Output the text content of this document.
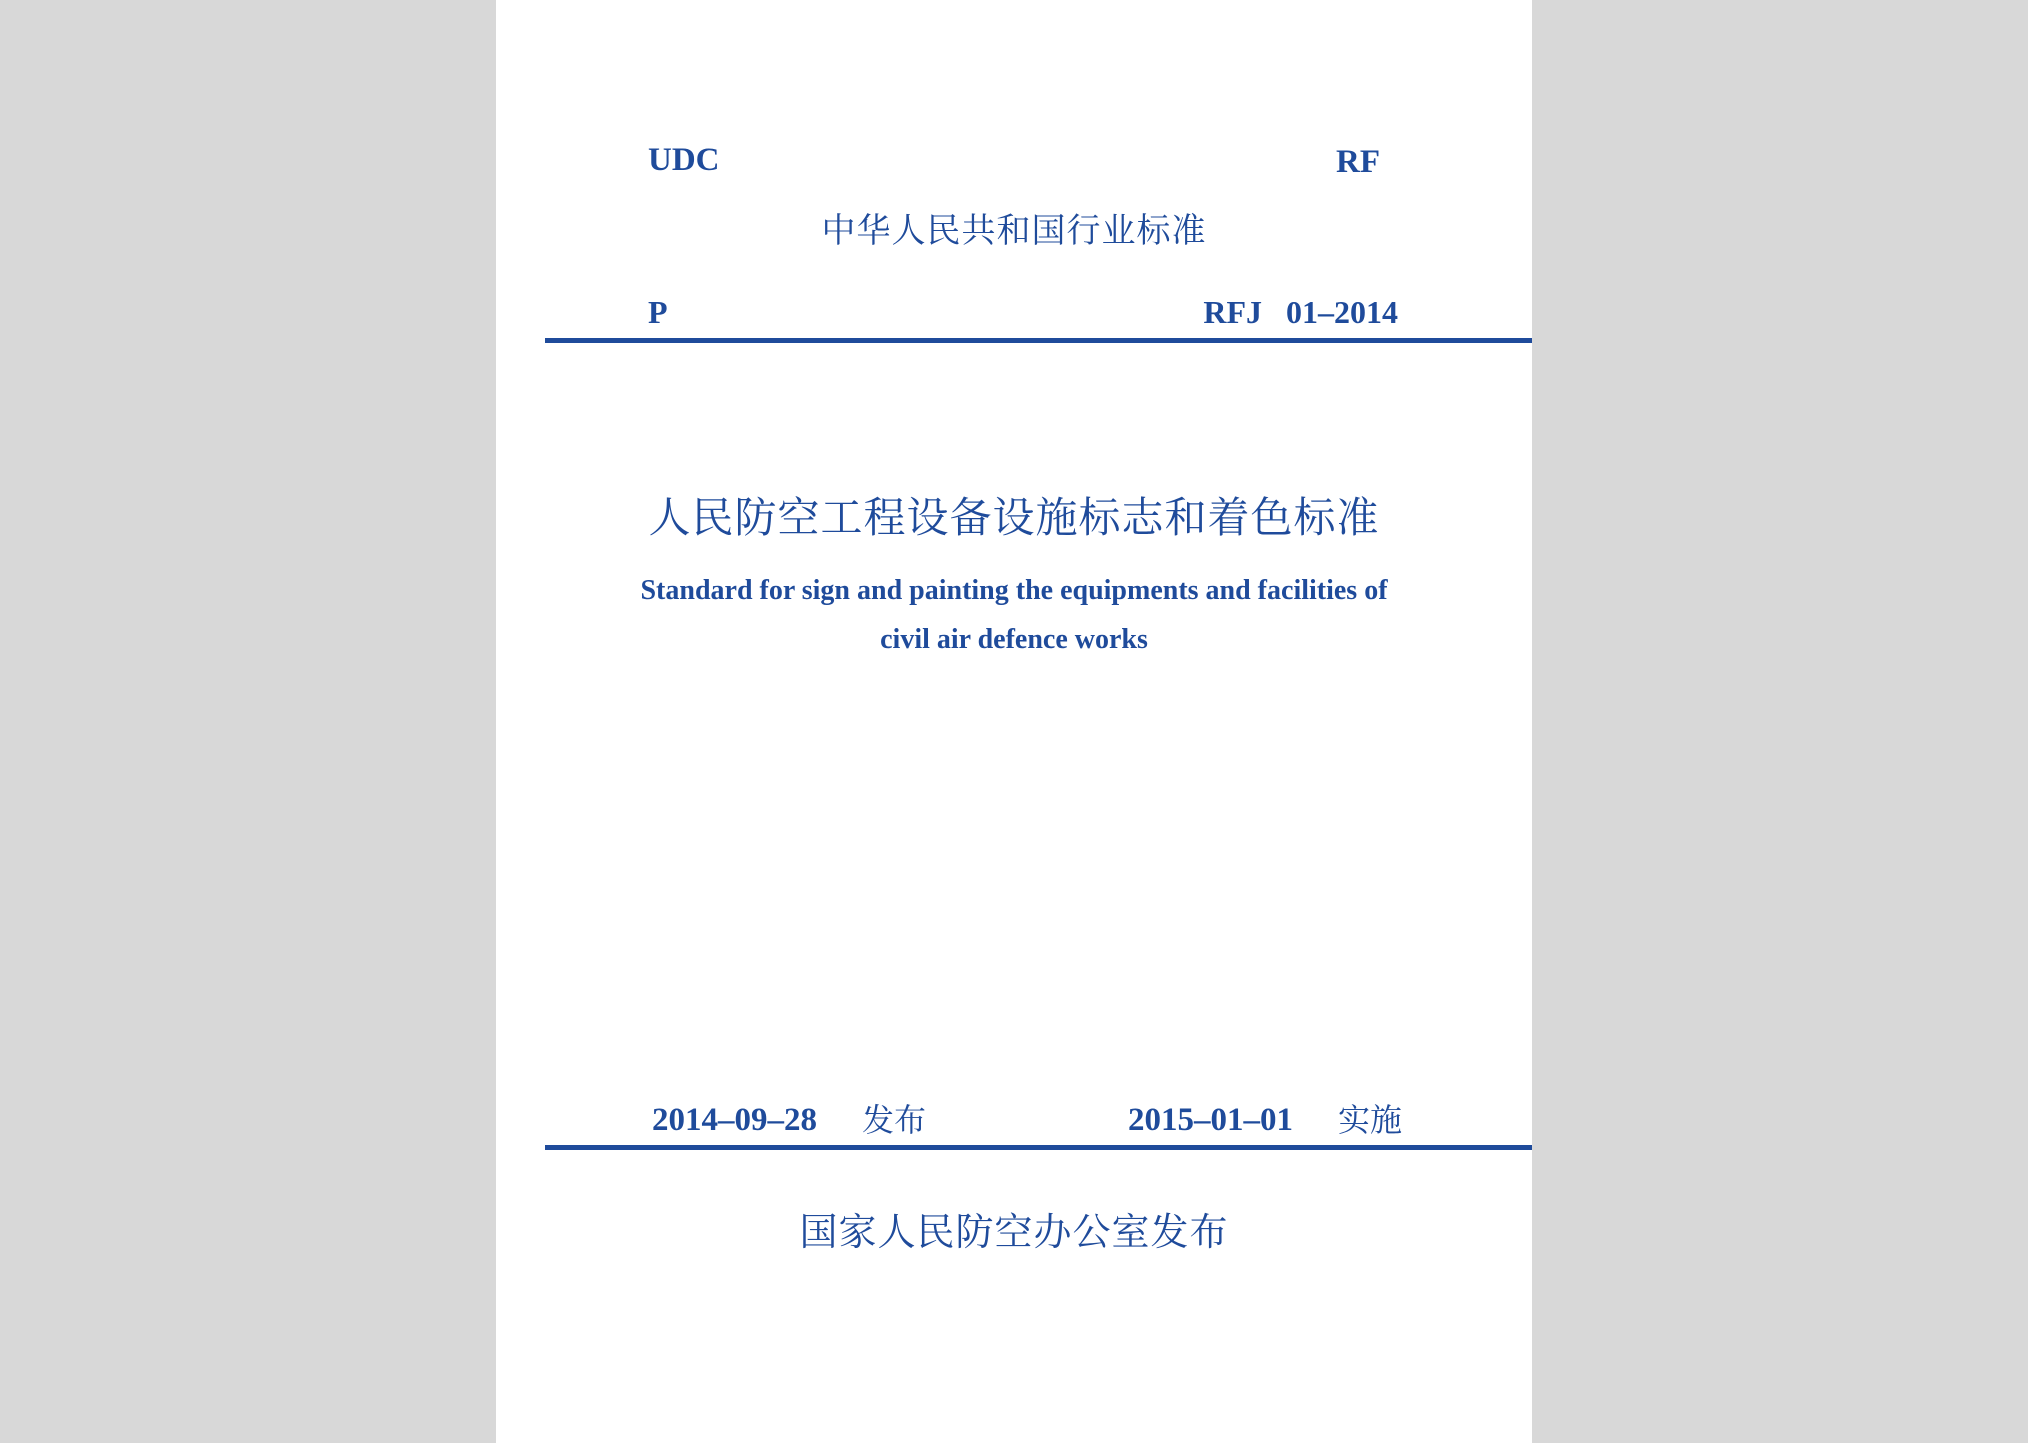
UDC	RF
中华人民共和国行业标准
P	RFJ   01–2014
人民防空工程设备设施标志和着色标准
Standard for sign and painting the equipments and facilities of
civil air defence works
2014–09–28 发布	2015–01–01 实施
国家人民防空办公室发布
